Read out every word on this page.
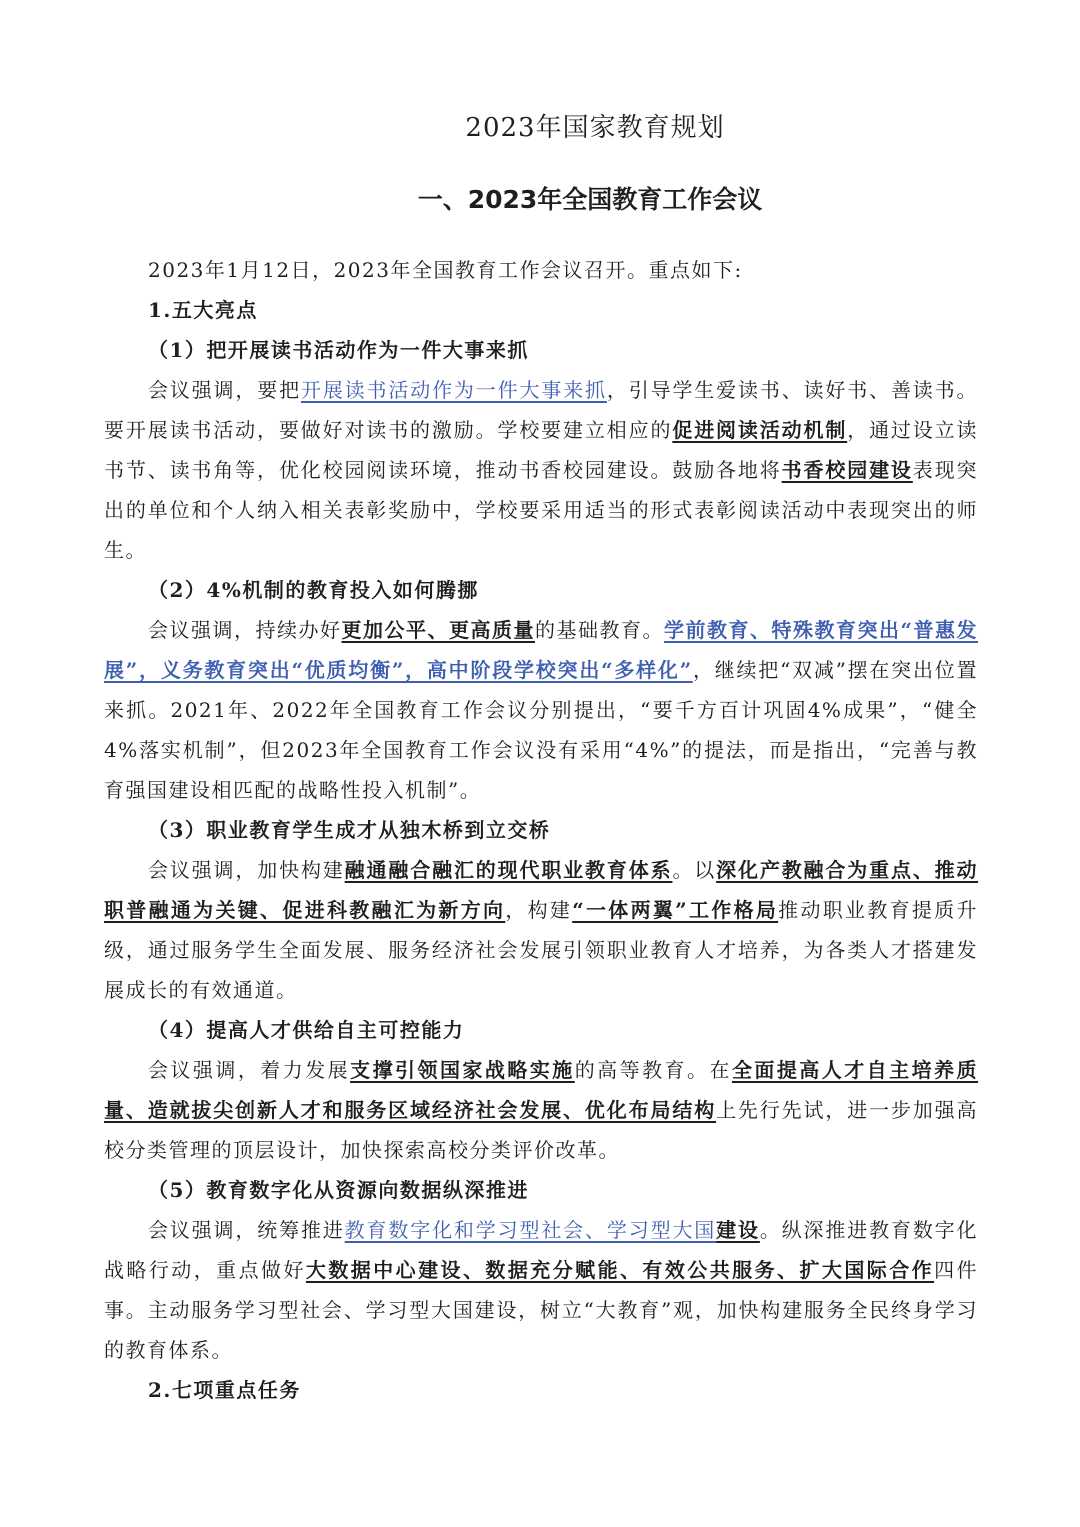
2023年国家教育规划
一、2023年全国教育工作会议

2023年1月12日，2023年全国教育工作会议召开。重点如下:

1.五大亮点

（1）把开展读书活动作为一件大事来抓

会议强调，要把开展读书活动作为一件大事来抓，引导学生爱读书、读好书、善读书。要开展读书活动，要做好对读书的激励。学校要建立相应的促进阅读活动机制，通过设立读书节、读书角等，优化校园阅读环境，推动书香校园建设。鼓励各地将书香校园建设表现突出的单位和个人纳入相关表彰奖励中，学校要采用适当的形式表彰阅读活动中表现突出的师生。

（2）4%机制的教育投入如何腾挪

会议强调，持续办好更加公平、更高质量的基础教育。学前教育、特殊教育突出“普惠发展”，义务教育突出“优质均衡”，高中阶段学校突出“多样化”，继续把“双减”摆在突出位置来抓。2021年、2022年全国教育工作会议分别提出，“要千方百计巩固4%成果”，“健全4%落实机制”，但2023年全国教育工作会议没有采用“4%”的提法，而是指出，“完善与教育强国建设相匹配的战略性投入机制”。

（3）职业教育学生成才从独木桥到立交桥

会议强调，加快构建融通融合融汇的现代职业教育体系。以深化产教融合为重点、推动职普融通为关键、促进科教融汇为新方向，构建“一体两翼”工作格局推动职业教育提质升级，通过服务学生全面发展、服务经济社会发展引领职业教育人才培养，为各类人才搭建发展成长的有效通道。

（4）提高人才供给自主可控能力

会议强调，着力发展支撑引领国家战略实施的高等教育。在全面提高人才自主培养质量、造就拔尖创新人才和服务区域经济社会发展、优化布局结构上先行先试，进一步加强高校分类管理的顶层设计，加快探索高校分类评价改革。

（5）教育数字化从资源向数据纵深推进

会议强调，统筹推进教育数字化和学习型社会、学习型大国建设。纵深推进教育数字化战略行动，重点做好大数据中心建设、数据充分赋能、有效公共服务、扩大国际合作四件事。主动服务学习型社会、学习型大国建设，树立“大教育”观，加快构建服务全民终身学习的教育体系。

2.七项重点任务
